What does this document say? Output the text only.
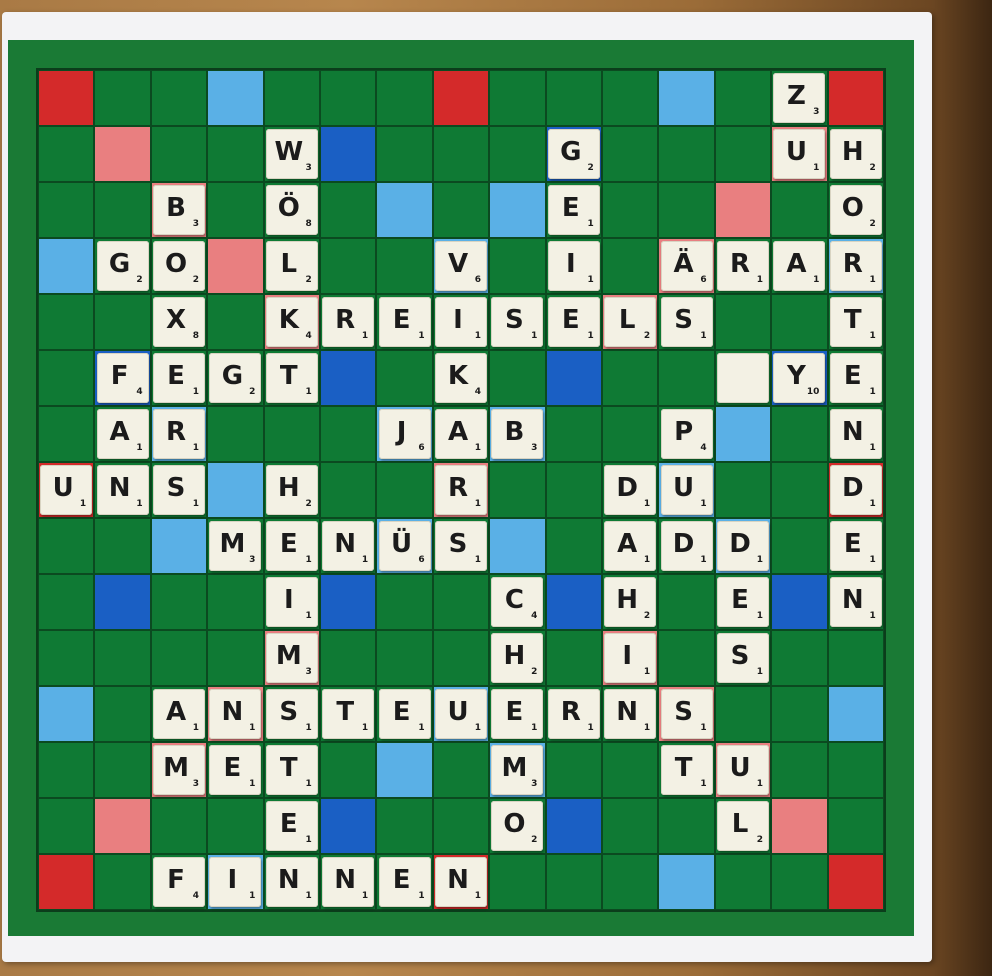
Z
3
W
3
G
2
U
1
H
2
B
3
Ö
8
E
1
O
2
G
2
O
2
L
2
V
6
I
1
Ä
6
R
1
A
1
R
1
X
8
K
4
R
1
E
1
I
1
S
1
E
1
L
2
S
1
T
1
F
4
E
1
G
2
T
1
K
4
Y
10
E
1
A
1
R
1
J
6
A
1
B
3
P
4
N
1
U
1
N
1
S
1
H
2
R
1
D
1
U
1
D
1
M
3
E
1
N
1
Ü
6
S
1
A
1
D
1
D
1
E
1
I
1
C
4
H
2
E
1
N
1
M
3
H
2
I
1
S
1
A
1
N
1
S
1
T
1
E
1
U
1
E
1
R
1
N
1
S
1
M
3
E
1
T
1
M
3
T
1
U
1
E
1
O
2
L
2
F
4
I
1
N
1
N
1
E
1
N
1
